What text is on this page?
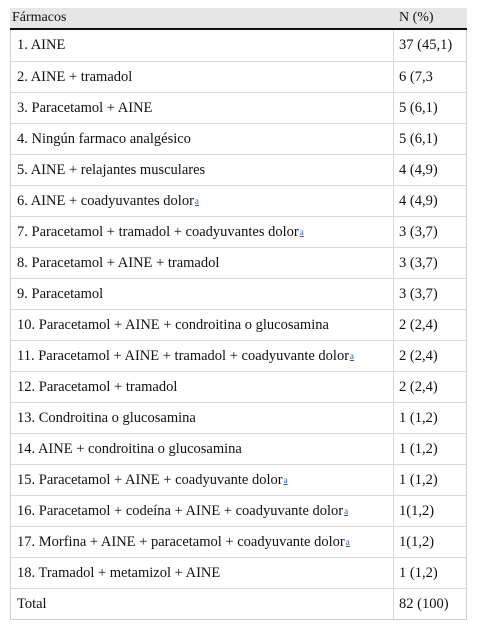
Fármacos	N (%)
1. AINE	37 (45,1)
2. AINE + tramadol	6 (7,3
3. Paracetamol + AINE	5 (6,1)
4. Ningún farmaco analgésico	5 (6,1)
5. AINE + relajantes musculares	4 (4,9)
6. AINE + coadyuvantes dolor a	4 (4,9)
7. Paracetamol + tramadol + coadyuvantes dolor a	3 (3,7)
8. Paracetamol + AINE + tramadol	3 (3,7)
9. Paracetamol	3 (3,7)
10. Paracetamol + AINE + condroitina o glucosamina	2 (2,4)
11. Paracetamol + AINE + tramadol + coadyuvante dolor a	2 (2,4)
12. Paracetamol + tramadol	2 (2,4)
13. Condroitina o glucosamina	1 (1,2)
14. AINE + condroitina o glucosamina	1 (1,2)
15. Paracetamol + AINE + coadyuvante dolor a	1 (1,2)
16. Paracetamol + codeína + AINE + coadyuvante dolor a	1(1,2)
17. Morfina + AINE + paracetamol + coadyuvante dolor a	1(1,2)
18. Tramadol + metamizol + AINE	1 (1,2)
Total	82 (100)
